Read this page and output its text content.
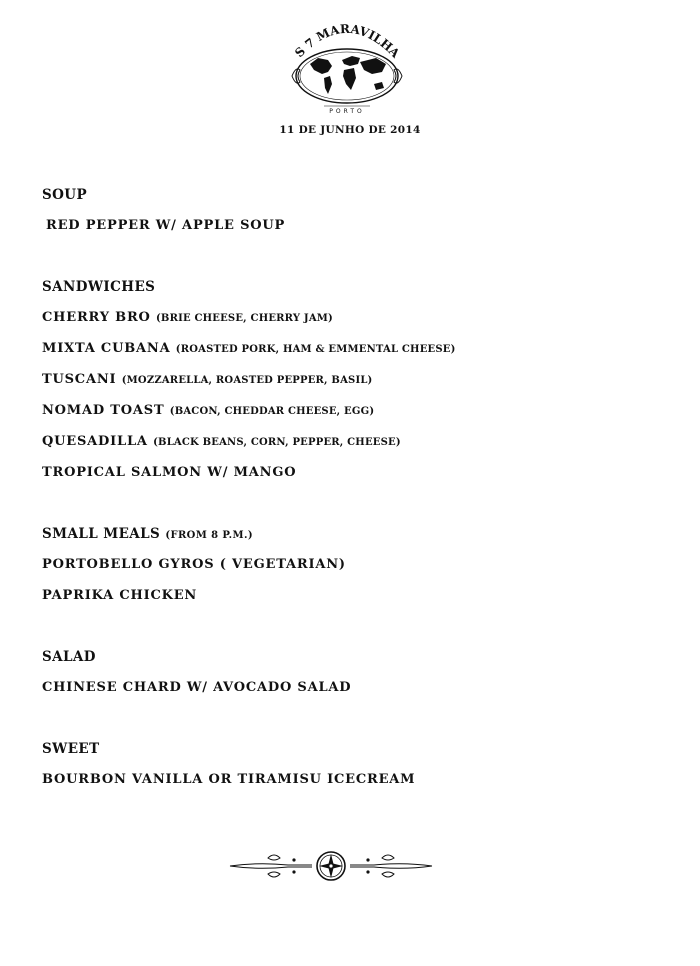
S 7 MARAVILHA
PORTO
11 DE JUNHO DE 2014
SOUP
RED PEPPER W/ APPLE SOUP
SANDWICHES
CHERRY BRO (BRIE CHEESE, CHERRY JAM)
MIXTA CUBANA (ROASTED PORK, HAM & EMMENTAL CHEESE)
TUSCANI (MOZZARELLA, ROASTED PEPPER, BASIL)
NOMAD TOAST (BACON, CHEDDAR CHEESE, EGG)
QUESADILLA (BLACK BEANS, CORN, PEPPER, CHEESE)
TROPICAL SALMON W/ MANGO
SMALL MEALS (FROM 8 P.M.)
PORTOBELLO GYROS ( VEGETARIAN)
PAPRIKA CHICKEN
SALAD
CHINESE CHARD W/ AVOCADO SALAD
SWEET
BOURBON VANILLA OR TIRAMISU ICECREAM
